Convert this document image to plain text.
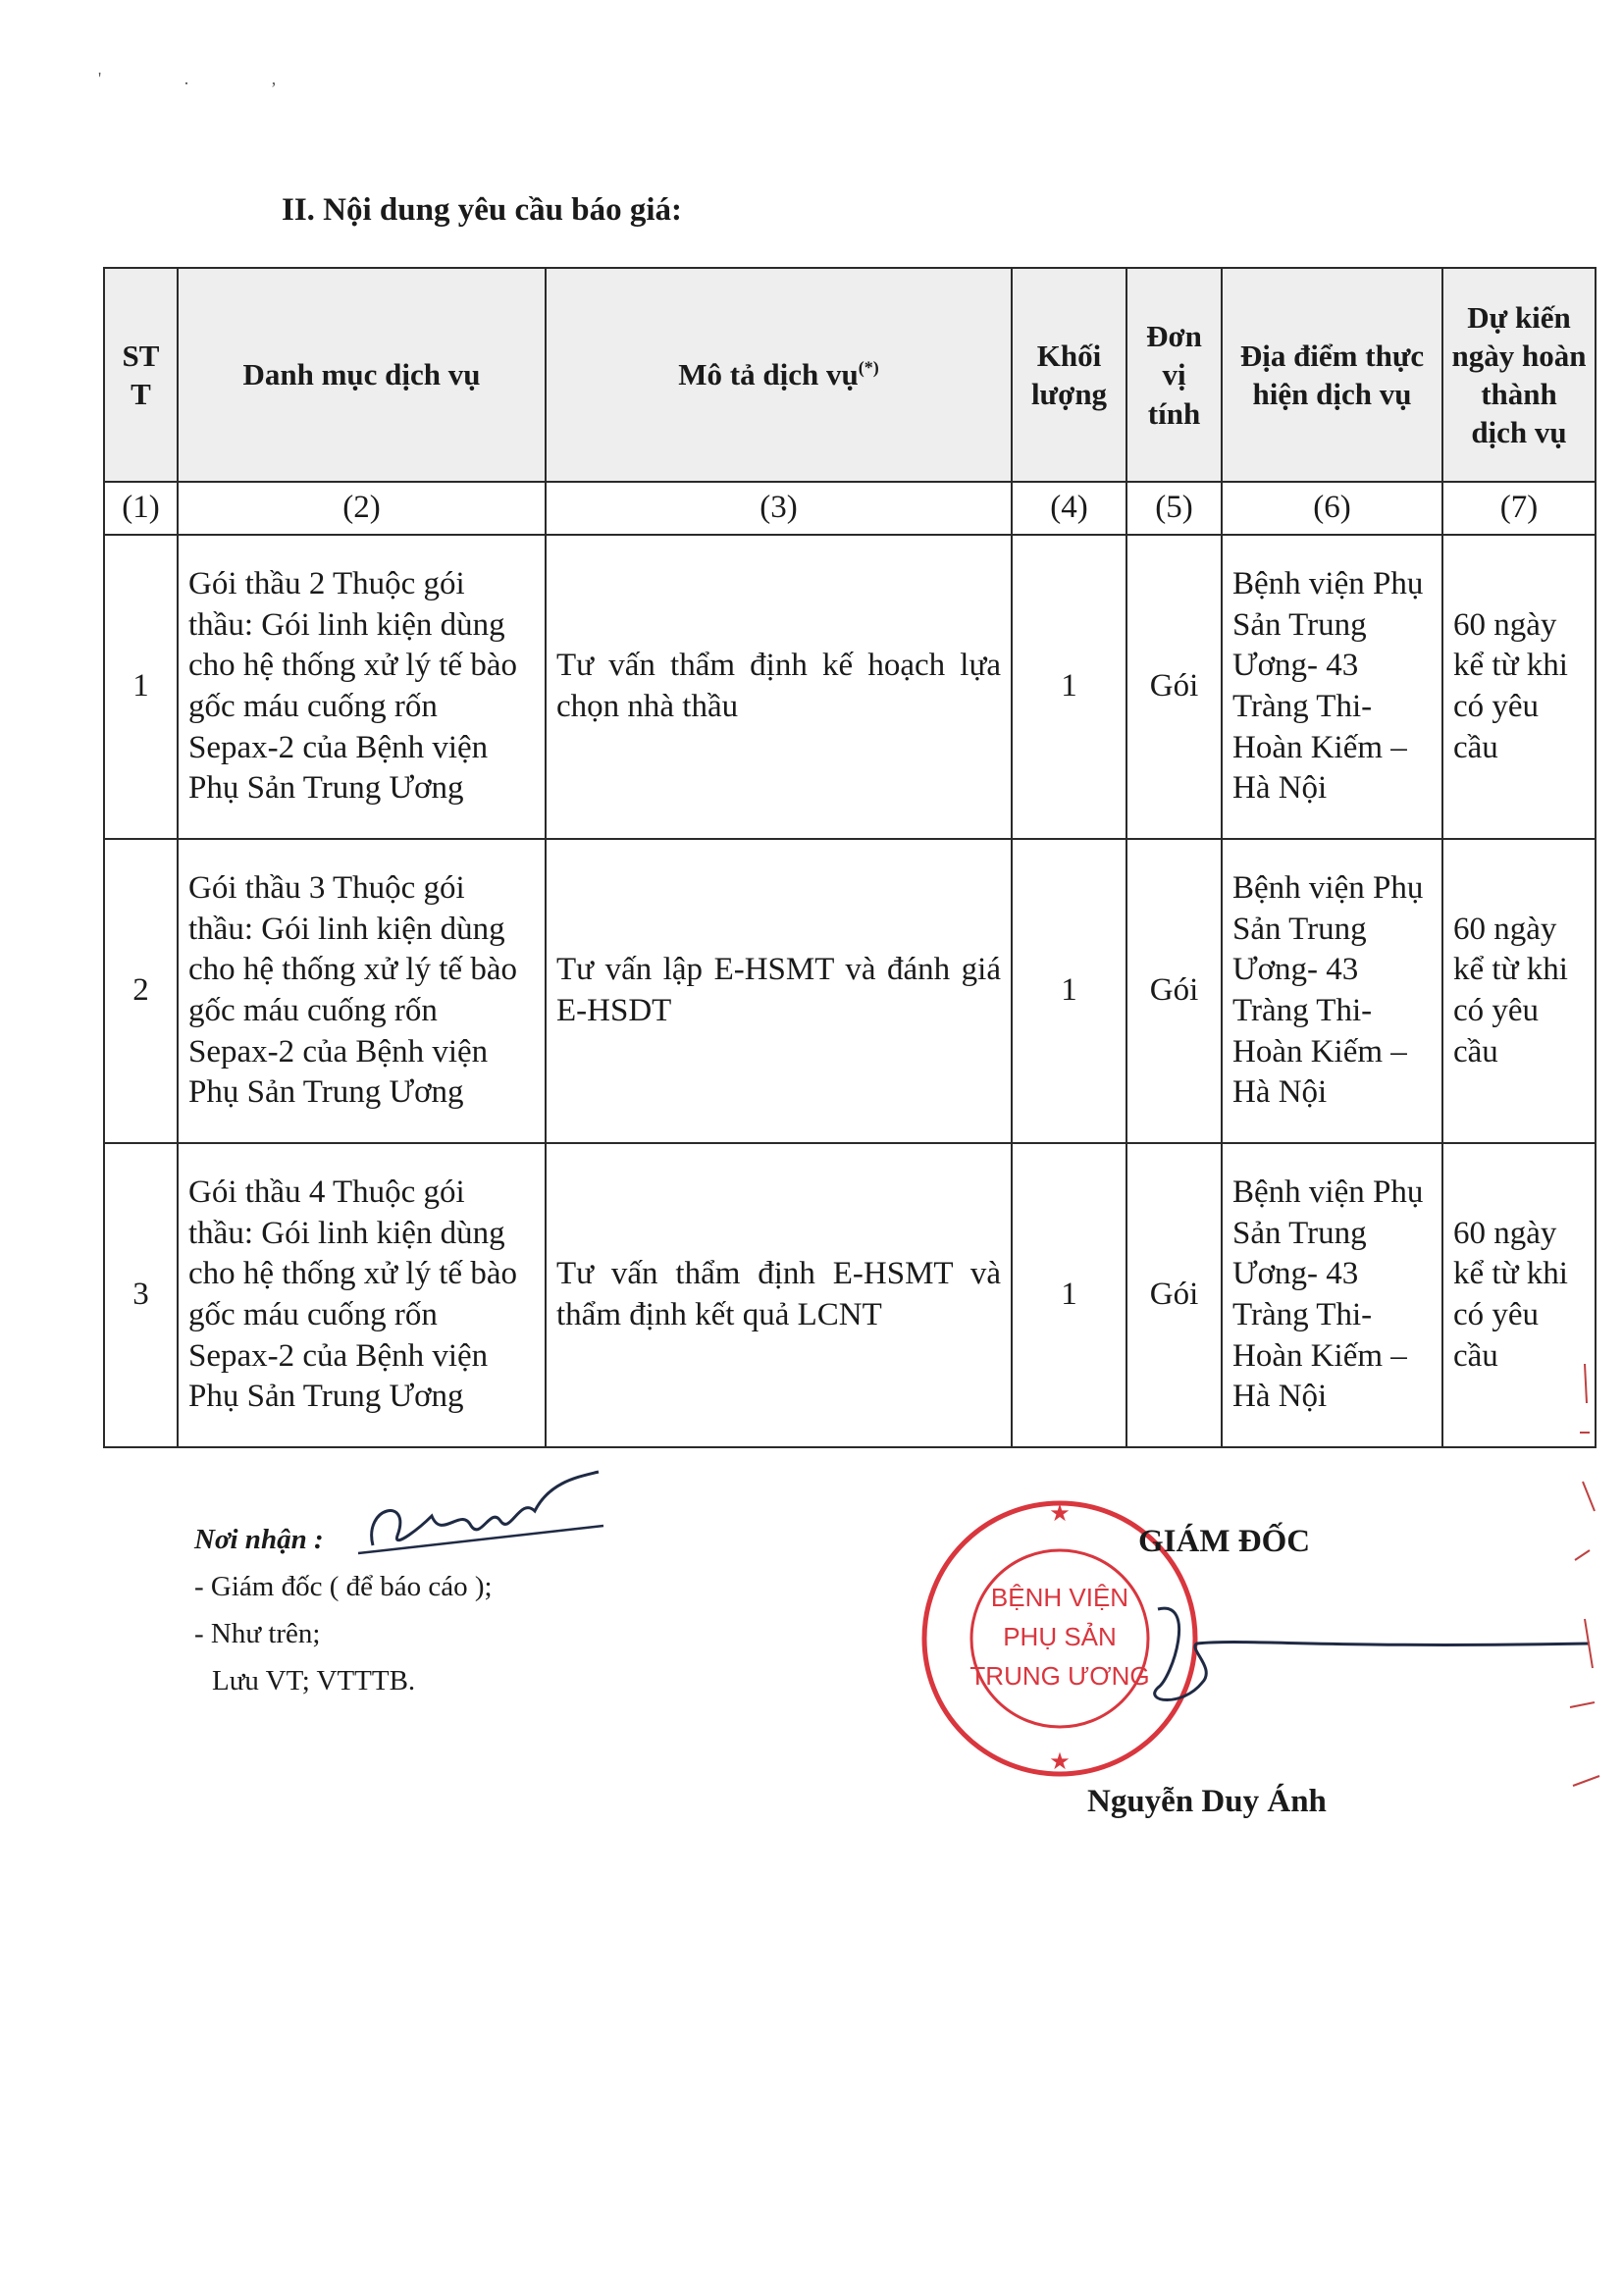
' . ,
II. Nội dung yêu cầu báo giá:
ST T	Danh mục dịch vụ	Mô tả dịch vụ(*)	Khối lượng	Đơn vị tính	Địa điểm thực hiện dịch vụ	Dự kiến ngày hoàn thành dịch vụ
(1)	(2)	(3)	(4)	(5)	(6)	(7)
1	Gói thầu 2 Thuộc gói thầu: Gói linh kiện dùng cho hệ thống xử lý tế bào gốc máu cuống rốn Sepax-2 của Bệnh viện Phụ Sản Trung Ương	Tư vấn thẩm định kế hoạch lựa chọn nhà thầu	1	Gói	Bệnh viện Phụ Sản Trung Ương- 43 Tràng Thi- Hoàn Kiếm – Hà Nội	60 ngày kể từ khi có yêu cầu
2	Gói thầu 3 Thuộc gói thầu: Gói linh kiện dùng cho hệ thống xử lý tế bào gốc máu cuống rốn Sepax-2 của Bệnh viện Phụ Sản Trung Ương	Tư vấn lập E-HSMT và đánh giá E-HSDT	1	Gói	Bệnh viện Phụ Sản Trung Ương- 43 Tràng Thi- Hoàn Kiếm – Hà Nội	60 ngày kể từ khi có yêu cầu
3	Gói thầu 4 Thuộc gói thầu: Gói linh kiện dùng cho hệ thống xử lý tế bào gốc máu cuống rốn Sepax-2 của Bệnh viện Phụ Sản Trung Ương	Tư vấn thẩm định E-HSMT và thẩm định kết quả LCNT	1	Gói	Bệnh viện Phụ Sản Trung Ương- 43 Tràng Thi- Hoàn Kiếm – Hà Nội	60 ngày kể từ khi có yêu cầu
Nơi nhận :
- Giám đốc ( để báo cáo );
- Như trên;
Lưu VT; VTTTB.
★
★
BỆNH VIỆN
PHỤ SẢN
TRUNG ƯƠNG
GIÁM ĐỐC
Nguyễn Duy Ánh
